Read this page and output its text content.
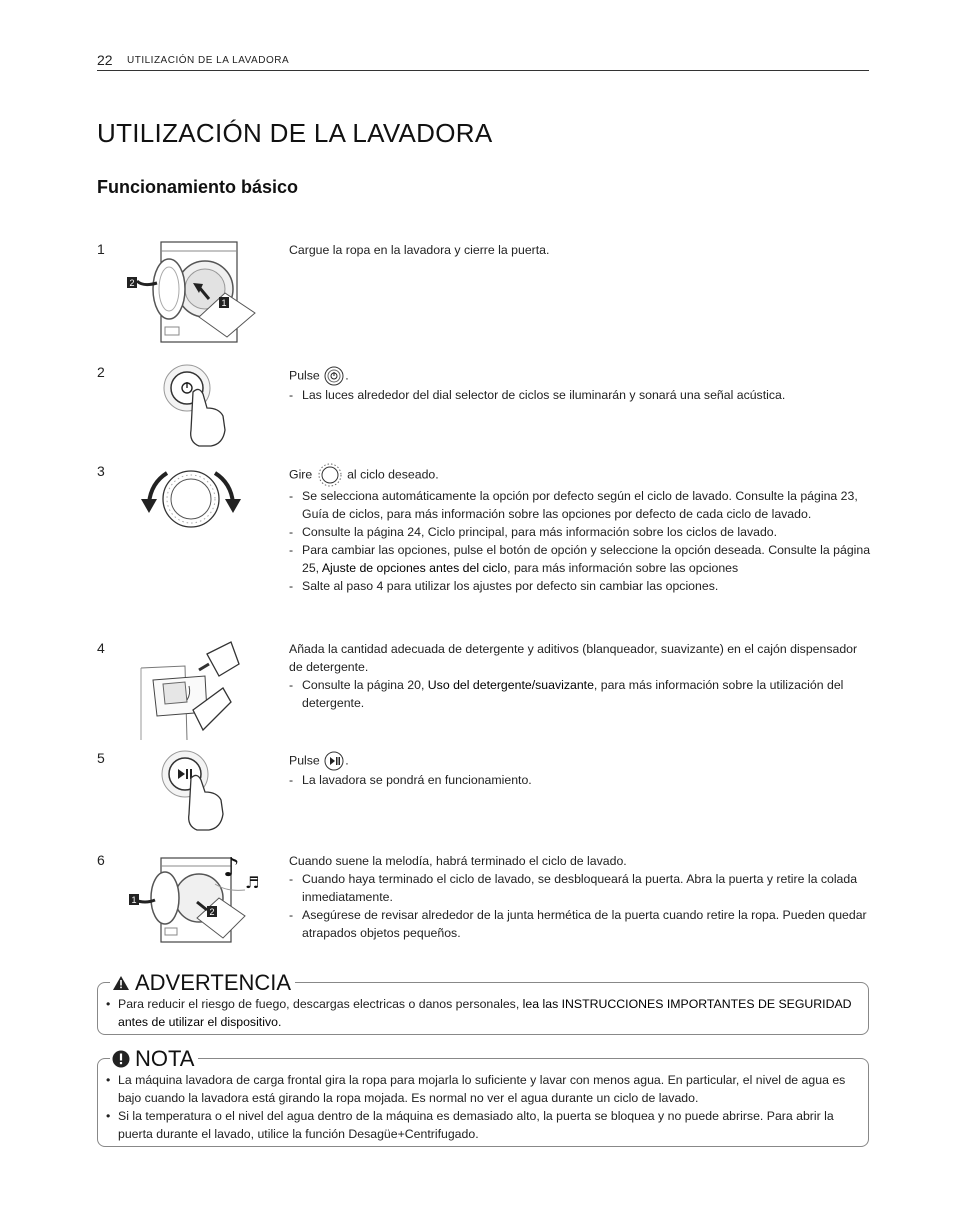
22 UTILIZACIÓN DE LA LAVADORA
UTILIZACIÓN DE LA LAVADORA
Funcionamiento básico
1
2
1

Cargue la ropa en la lavadora y cierre la puerta.

2	Pulse .

- Las luces alrededor del dial selector de ciclos se iluminarán y sonará una señal acústica.
3	Gire	al ciclo deseado.

- Se selecciona automáticamente la opción por defecto según el ciclo de lavado. Consulte la página 23, Guía de ciclos, para más información sobre las opciones por defecto de cada ciclo de lavado.
- Consulte la página 24, Ciclo principal, para más información sobre los ciclos de lavado.
- Para cambiar las opciones, pulse el botón de opción y seleccione la opción deseada. Consulte la página 25, Ajuste de opciones antes del ciclo, para más información sobre las opciones
- Salte al paso 4 para utilizar los ajustes por defecto sin cambiar las opciones.
4	Añada la cantidad adecuada de detergente y aditivos (blanqueador, suavizante) en el cajón dispensador de detergente.

- Consulte la página 20, Uso del detergente/suavizante, para más información sobre la utilización del detergente.
5	Pulse .

- La lavadora se pondrá en funcionamiento.
6
1
2
♪ ♬

Cuando suene la melodía, habrá terminado el ciclo de lavado.

- Cuando haya terminado el ciclo de lavado, se desbloqueará la puerta. Abra la puerta y retire la colada inmediatamente.
- Asegúrese de revisar alrededor de la junta hermética de la puerta cuando retire la ropa. Pueden quedar atrapados objetos pequeños.
ADVERTENCIA
• Para reducir el riesgo de fuego, descargas electricas o danos personales, lea las INSTRUCCIONES IMPORTANTES DE SEGURIDAD antes de utilizar el dispositivo.
NOTA
• La máquina lavadora de carga frontal gira la ropa para mojarla lo suficiente y lavar con menos agua. En particular, el nivel de agua es bajo cuando la lavadora está girando la ropa mojada. Es normal no ver el agua durante un ciclo de lavado.
• Si la temperatura o el nivel del agua dentro de la máquina es demasiado alto, la puerta se bloquea y no puede abrirse. Para abrir la puerta durante el lavado, utilice la función Desagüe+Centrifugado.
